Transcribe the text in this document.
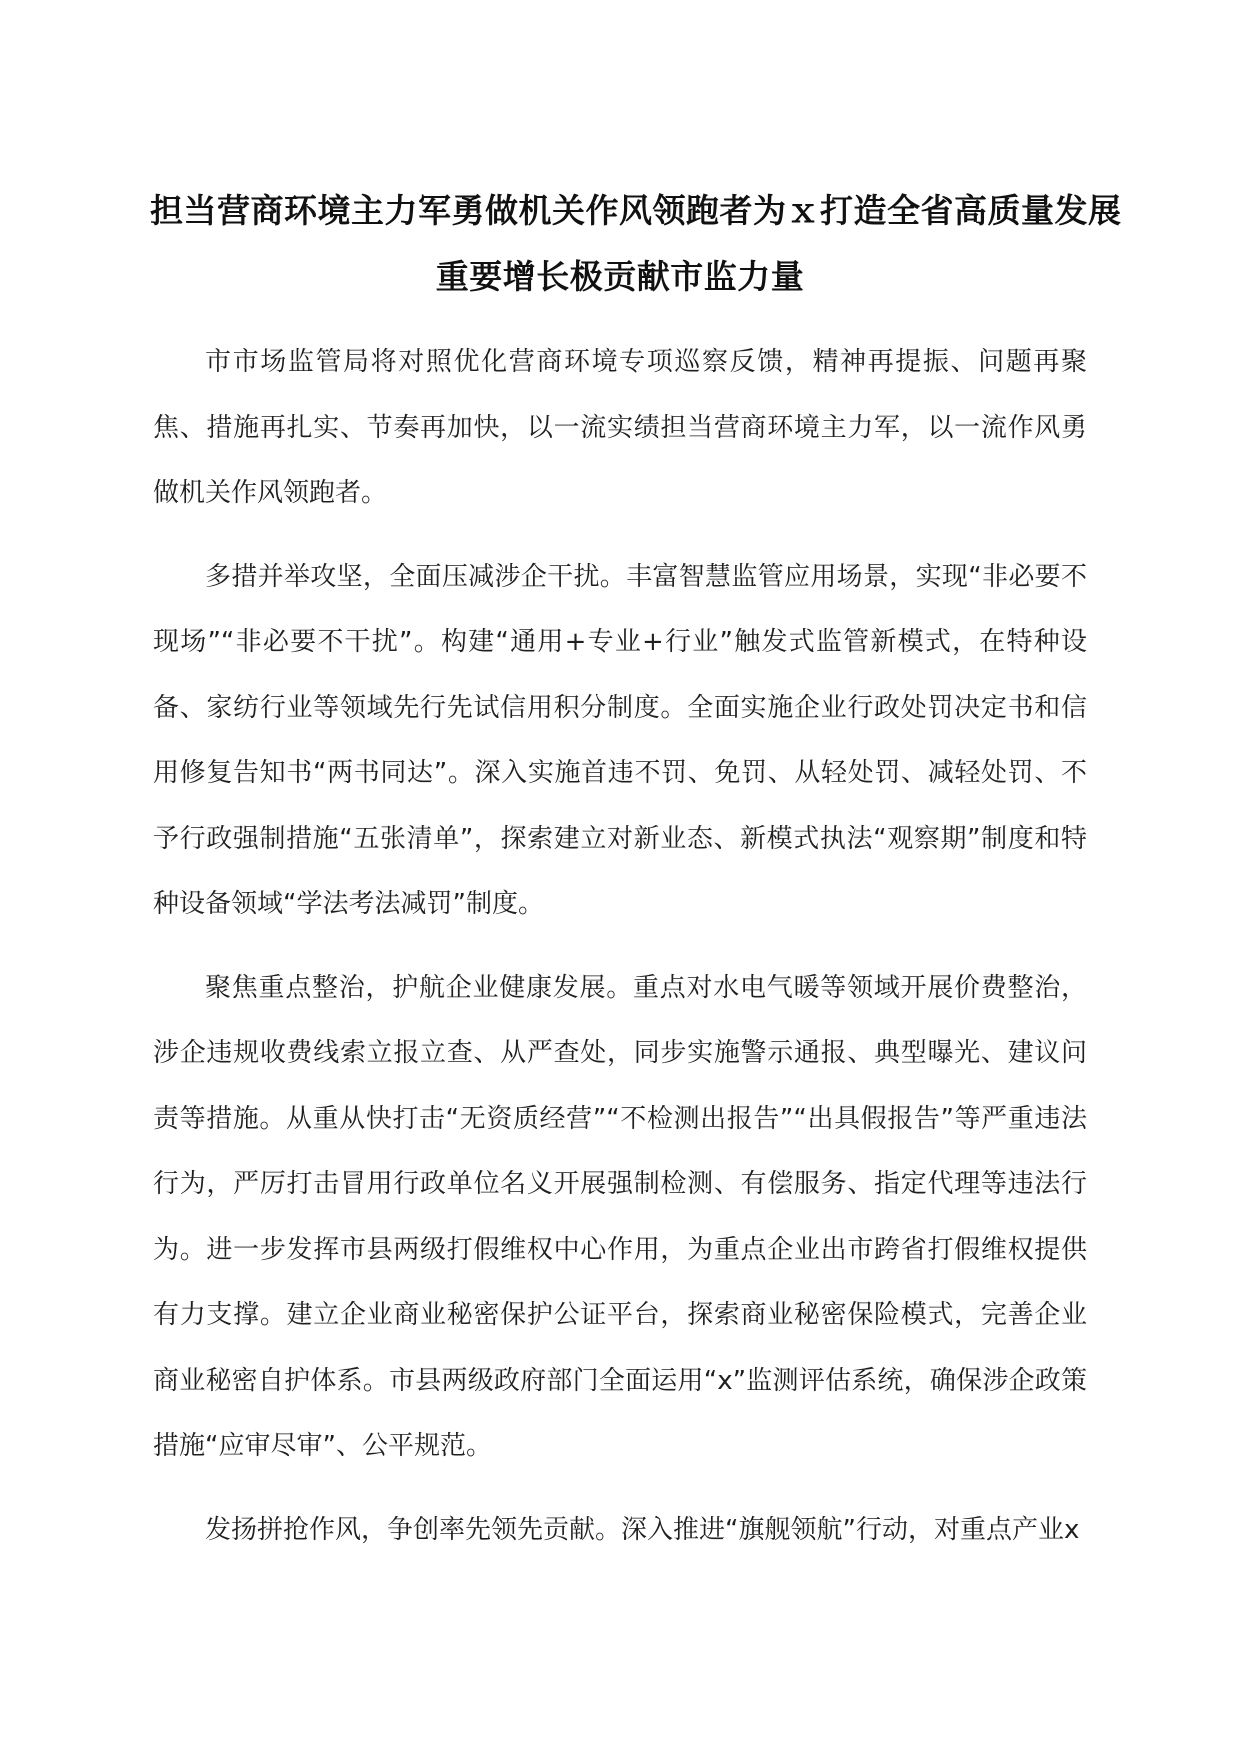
担当营商环境主力军勇做机关作风领跑者为ｘ打造全省高质量发展
重要增长极贡献市监力量

市市场监管局将对照优化营商环境专项巡察反馈，精神再提振、问题再聚焦、措施再扎实、节奏再加快，以一流实绩担当营商环境主力军，以一流作风勇做机关作风领跑者。

多措并举攻坚，全面压减涉企干扰。丰富智慧监管应用场景，实现“非必要不现场”“非必要不干扰”。构建“通用+专业+行业”触发式监管新模式，在特种设备、家纺行业等领域先行先试信用积分制度。全面实施企业行政处罚决定书和信用修复告知书“两书同达”。深入实施首违不罚、免罚、从轻处罚、减轻处罚、不予行政强制措施“五张清单”，探索建立对新业态、新模式执法“观察期”制度和特种设备领域“学法考法减罚”制度。

聚焦重点整治，护航企业健康发展。重点对水电气暖等领域开展价费整治，涉企违规收费线索立报立查、从严查处，同步实施警示通报、典型曝光、建议问责等措施。从重从快打击“无资质经营”“不检测出报告”“出具假报告”等严重违法行为，严厉打击冒用行政单位名义开展强制检测、有偿服务、指定代理等违法行为。进一步发挥市县两级打假维权中心作用，为重点企业出市跨省打假维权提供有力支撑。建立企业商业秘密保护公证平台，探索商业秘密保险模式，完善企业商业秘密自护体系。市县两级政府部门全面运用“x”监测评估系统，确保涉企政策措施“应审尽审”、公平规范。

发扬拼抢作风，争创率先领先贡献。深入推进“旗舰领航”行动，对重点产业x
